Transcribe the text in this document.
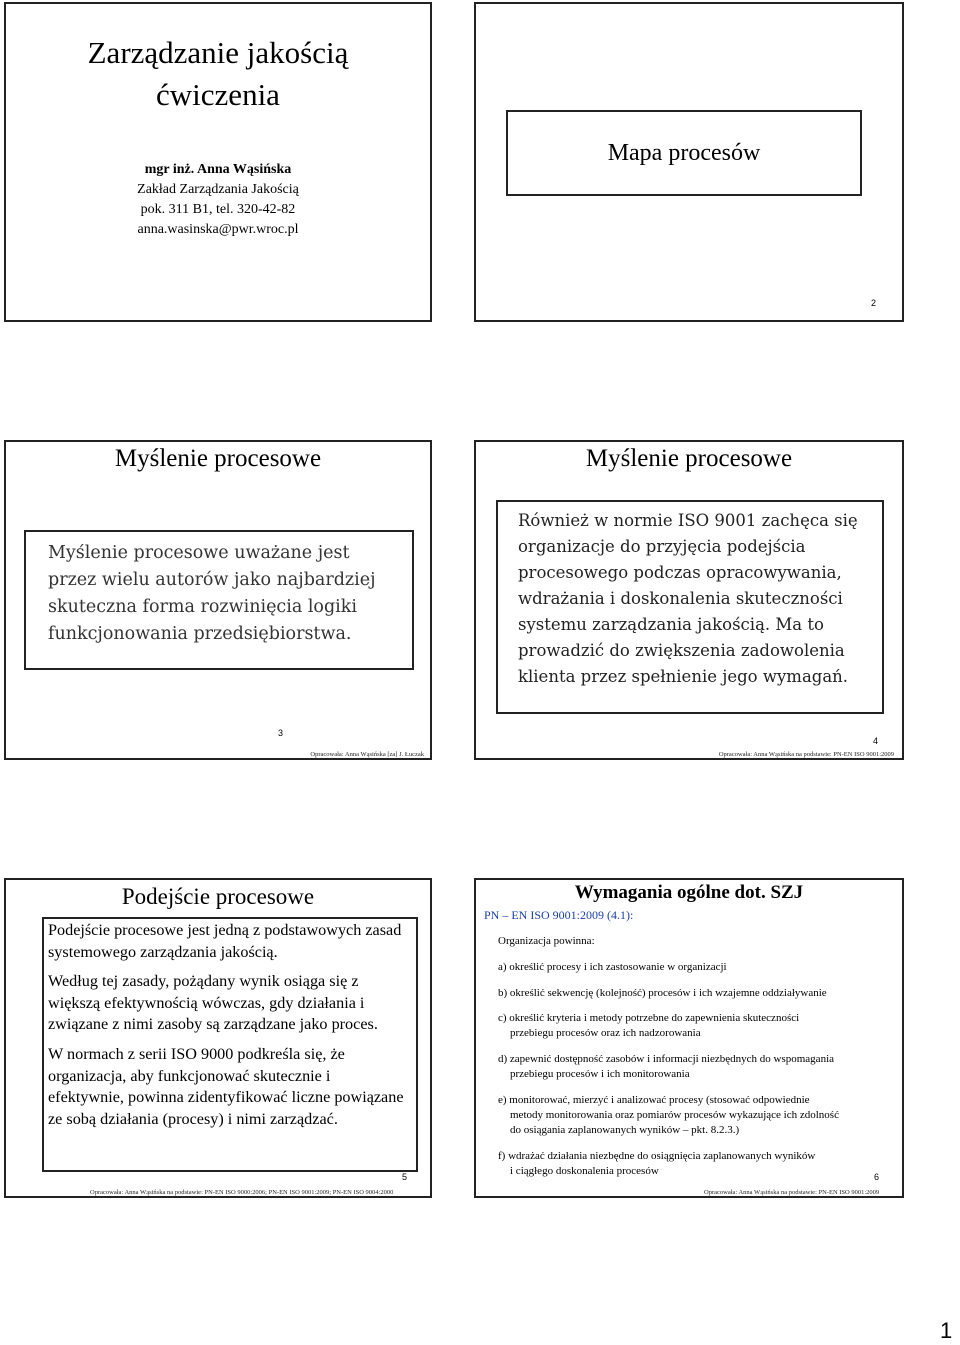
Zarządzanie jakością
ćwiczenia
mgr inż. Anna Wąsińska
Zakład Zarządzania Jakością
pok. 311 B1, tel. 320-42-82
anna.wasinska@pwr.wroc.pl
Mapa procesów
2
Myślenie procesowe
Myślenie procesowe uważane jest przez wielu autorów jako najbardziej skuteczna forma rozwinięcia logiki funkcjonowania przedsiębiorstwa.
3
Opracowała: Anna Wąsińska [za] J. Łuczak
Myślenie procesowe
Również w normie ISO 9001 zachęca się organizacje do przyjęcia podejścia procesowego podczas opracowywania, wdrażania i doskonalenia skuteczności systemu zarządzania jakością. Ma to prowadzić do zwiększenia zadowolenia klienta przez spełnienie jego wymagań.
4
Opracowała: Anna Wąsińska na podstawie: PN-EN ISO 9001:2009
Podejście procesowe

Podejście procesowe jest jedną z podstawowych zasad systemowego zarządzania jakością.

Według tej zasady, pożądany wynik osiąga się z większą efektywnością wówczas, gdy działania i związane z nimi zasoby są zarządzane jako proces.

W normach z serii ISO 9000 podkreśla się, że organizacja, aby funkcjonować skutecznie i efektywnie, powinna zidentyfikować liczne powiązane ze sobą działania (procesy) i nimi zarządzać.

5
Opracowała: Anna Wąsińska na podstawie: PN-EN ISO 9000:2006; PN-EN ISO 9001:2009; PN-EN ISO 9004:2000
Wymagania ogólne dot. SZJ
PN – EN ISO 9001:2009 (4.1):
Organizacja powinna:
a) określić procesy i ich zastosowanie w organizacji
b) określić sekwencję (kolejność) procesów i ich wzajemne oddziaływanie
c) określić kryteria i metody potrzebne do zapewnienia skuteczności
przebiegu procesów oraz ich nadzorowania
d) zapewnić dostępność zasobów i informacji niezbędnych do wspomagania
przebiegu procesów i ich monitorowania
e) monitorować, mierzyć i analizować procesy (stosować odpowiednie
metody monitorowania oraz pomiarów procesów wykazujące ich zdolność
do osiągania zaplanowanych wyników – pkt. 8.2.3.)
f) wdrażać działania niezbędne do osiągnięcia zaplanowanych wyników
i ciągłego doskonalenia procesów	6
Opracowała: Anna Wąsińska na podstawie: PN-EN ISO 9001:2009
1
